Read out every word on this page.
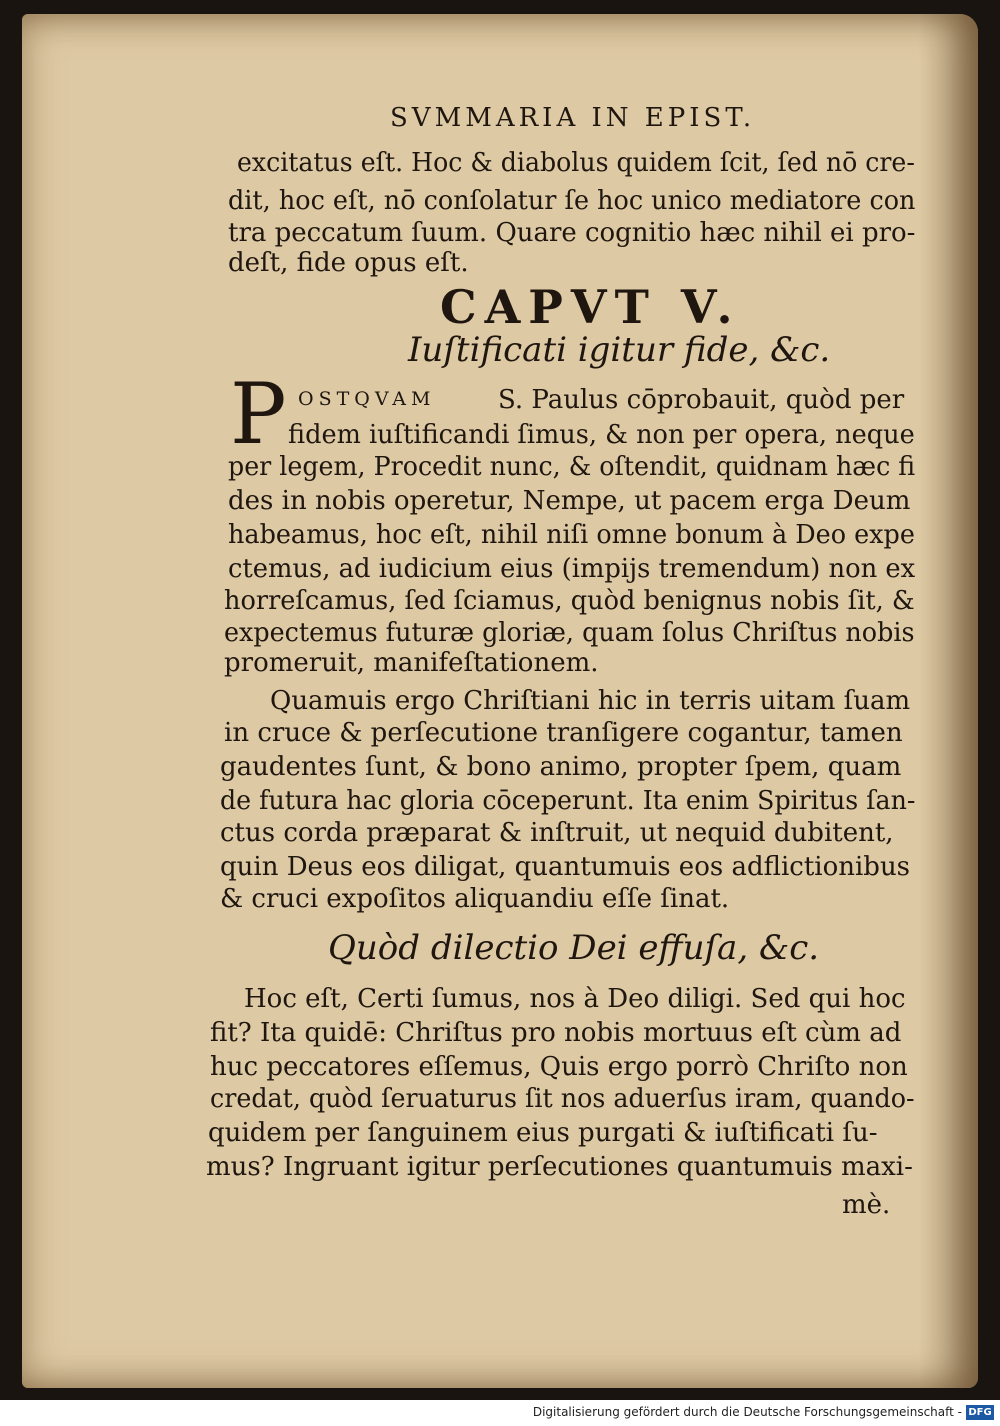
SVMMARIA IN EPIST.
excitatus eſt. Hoc & diabolus quidem ſcit, ſed nō cre-
dit, hoc eſt, nō conſolatur ſe hoc unico mediatore con
tra peccatum ſuum. Quare cognitio hæc nihil ei pro-
deſt, fide opus eſt.
CAPVT V.
Iuſtificati igitur fide, &c.
P OSTQVAM S. Paulus cōprobauit, quòd per
fidem iuſtificandi ſimus, & non per opera, neque
per legem, Procedit nunc, & oſtendit, quidnam hæc fi
des in nobis operetur, Nempe, ut pacem erga Deum
habeamus, hoc eſt, nihil niſi omne bonum à Deo expe
ctemus, ad iudicium eius (impijs tremendum) non ex
horreſcamus, ſed ſciamus, quòd benignus nobis ſit, &
expectemus futuræ gloriæ, quam ſolus Chriſtus nobis
promeruit, manifeſtationem.
Quamuis ergo Chriſtiani hic in terris uitam ſuam
in cruce & perſecutione tranſigere cogantur, tamen
gaudentes ſunt, & bono animo, propter ſpem, quam
de futura hac gloria cōceperunt. Ita enim Spiritus ſan-
ctus corda præparat & inſtruit, ut nequid dubitent,
quin Deus eos diligat, quantumuis eos adflictionibus
& cruci expoſitos aliquandiu eſſe ſinat.
Quòd dilectio Dei effuſa, &c.
Hoc eſt, Certi ſumus, nos à Deo diligi. Sed qui hoc
fit? Ita quidē: Chriſtus pro nobis mortuus eſt cùm ad
huc peccatores eſſemus, Quis ergo porrò Chriſto non
credat, quòd ſeruaturus ſit nos aduerſus iram, quando-
quidem per ſanguinem eius purgati & iuſtificati ſu-
mus? Ingruant igitur perſecutiones quantumuis maxi-
mè.
Digitalisierung gefördert durch die Deutsche Forschungsgemeinschaft - DFG
